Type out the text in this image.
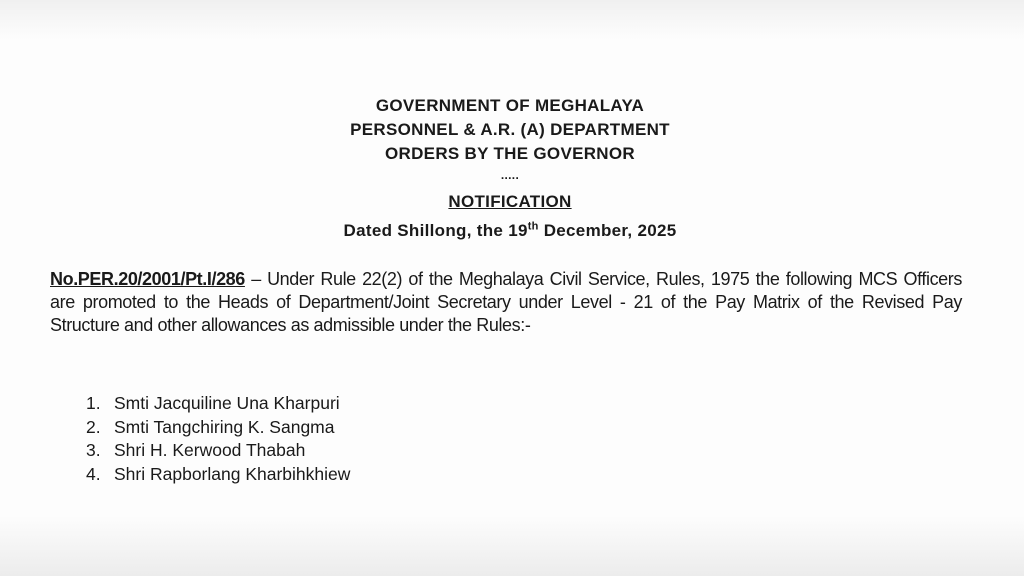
GOVERNMENT OF MEGHALAYA
PERSONNEL & A.R. (A) DEPARTMENT
ORDERS BY THE GOVERNOR
.....
NOTIFICATION
Dated Shillong, the 19th December, 2025
No.PER.20/2001/Pt.I/286 – Under Rule 22(2) of the Meghalaya Civil Service, Rules, 1975 the following MCS Officers are promoted to the Heads of Department/Joint Secretary under Level - 21 of the Pay Matrix of the Revised Pay Structure and other allowances as admissible under the Rules:-
1. Smti Jacquiline Una Kharpuri
2. Smti Tangchiring K. Sangma
3. Shri H. Kerwood Thabah
4. Shri Rapborlang Kharbihkhiew
